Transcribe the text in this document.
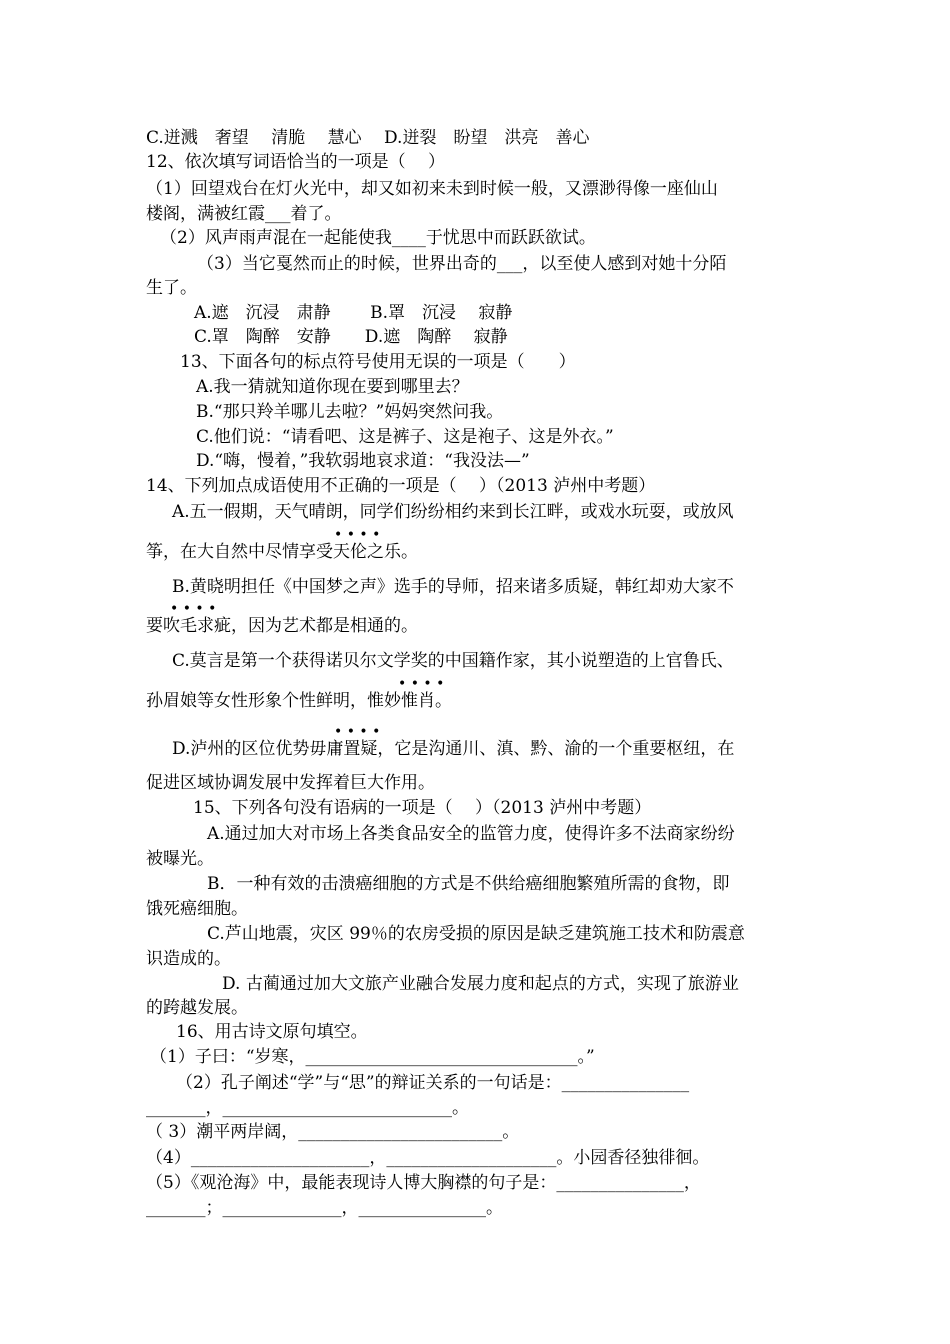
C.迸溅　奢望　 清脆　 慧心　 D.迸裂　盼望　洪亮　善心
12、依次填写词语恰当的一项是（　 ）
（1）回望戏台在灯火光中，却又如初来未到时候一般，又漂渺得像一座仙山
楼阁，满被红霞___着了。
（2）风声雨声混在一起能使我____于忧思中而跃跃欲试。
（3）当它戛然而止的时候，世界出奇的___，以至使人感到对她十分陌
生了。
A.遮　沉浸　肃静　　 B.罩　沉浸　 寂静
C.罩　陶醉　安静　　D.遮　陶醉　 寂静
13、下面各句的标点符号使用无误的一项是（　　）
A.我一猜就知道你现在要到哪里去？
B.“那只羚羊哪儿去啦？”妈妈突然问我。
C.他们说：“请看吧、这是裤子、这是袍子、这是外衣。”
D.“嗨，慢着，”我软弱地哀求道：“我没法—”
14、下列加点成语使用不正确的一项是（　 ）（2013 泸州中考题）
A.五一假期，天气晴朗，同学们纷纷相约来到长江畔，或戏水玩耍，或放风
• • • •
筝，在大自然中尽情享受天伦之乐。
B.黄晓明担任《中国梦之声》选手的导师，招来诸多质疑，韩红却劝大家不
• • • •
要吹毛求疵，因为艺术都是相通的。
C.莫言是第一个获得诺贝尔文学奖的中国籍作家，其小说塑造的上官鲁氏、
• • • •
孙眉娘等女性形象个性鲜明，惟妙惟肖。
• • • •
D.泸州的区位优势毋庸置疑，它是沟通川、滇、黔、渝的一个重要枢纽，在
促进区域协调发展中发挥着巨大作用。
15、下列各句没有语病的一项是（　 ）（2013 泸州中考题）
A.通过加大对市场上各类食品安全的监管力度，使得许多不法商家纷纷
被曝光。
B．一种有效的击溃癌细胞的方式是不供给癌细胞繁殖所需的食物，即
饿死癌细胞。
C.芦山地震，灾区 99％的农房受损的原因是缺乏建筑施工技术和防震意
识造成的。
D. 古蔺通过加大文旅产业融合发展力度和起点的方式，实现了旅游业
的跨越发展。
16、用古诗文原句填空。
（1）子曰：“岁寒，________________________________。”
（2）孔子阐述“学”与“思”的辩证关系的一句话是：_______________
_______，___________________________。
（ 3）潮平两岸阔，________________________。
（4）_____________________，____________________。小园香径独徘徊。
（5）《观沧海》中，最能表现诗人博大胸襟的句子是：_______________，
_______；______________，_______________。
